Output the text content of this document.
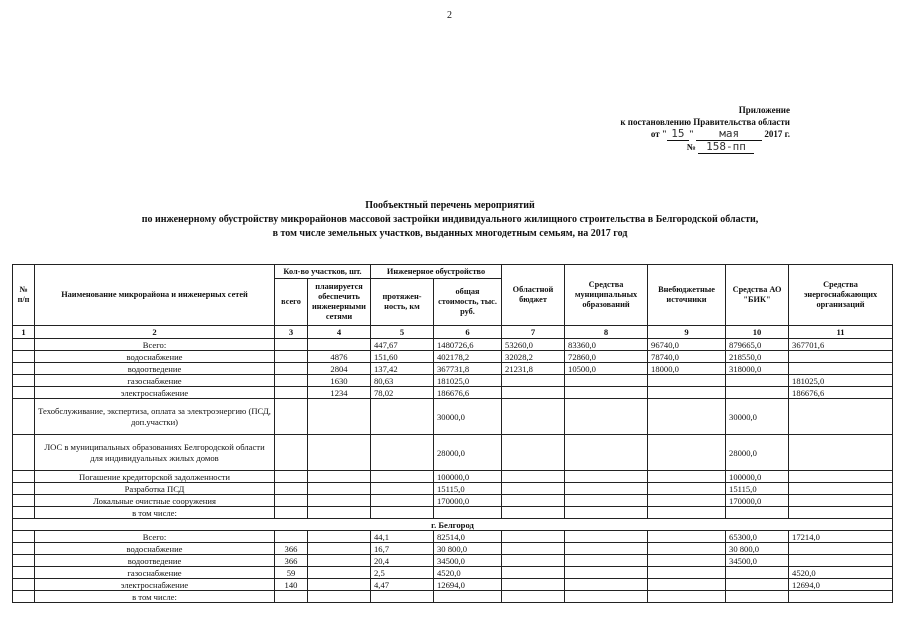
2
Приложение
к постановлению Правительства области
от " 15 " мая	2017 г.
№ 158-пп
Пообъектный перечень мероприятий
по инженерному обустройству микрорайонов массовой застройки индивидуального жилищного строительства в Белгородской области,
в том числе земельных участков, выданных многодетным семьям, на 2017 год
№ п/п	Наименование микрорайона и инженерных сетей	Кол-во участков, шт.		Инженерное обустройство		Областной бюджет	Средства муниципальных образований	Внебюджетные источники	Средства АО "БИК"	Средства энергоснабжающих организаций
		всего	планируется обеспечить инженерными сетями	протяжен-ность, км	общая стоимость, тыс. руб.					
1	2	3	4	5	6	7	8	9	10	11
	Всего:			447,67	1480726,6	53260,0	83360,0	96740,0	879665,0	367701,6
	водоснабжение		4876	151,60	402178,2	32028,2	72860,0	78740,0	218550,0	
	водоотведение		2804	137,42	367731,8	21231,8	10500,0	18000,0	318000,0	
	газоснабжение		1630	80,63	181025,0					181025,0
	электроснабжение		1234	78,02	186676,6					186676,6
	Техобслуживание, экспертиза, оплата за электроэнергию (ПСД, доп.участки)				30000,0				30000,0	
	ЛОС в муниципальных образованиях Белгородской области для индивидуальных жилых домов				28000,0				28000,0	
	Погашение кредиторской задолженности				100000,0				100000,0	
	Разработка ПСД				15115,0				15115,0	
	Локальные очистные сооружения				170000,0				170000,0	
	в том числе:									
г. Белгород										
	Всего:			44,1	82514,0				65300,0	17214,0
	водоснабжение	366		16,7	30 800,0				30 800,0	
	водоотведение	366		20,4	34500,0				34500,0	
	газоснабжение	59		2,5	4520,0					4520,0
	электроснабжение	140		4,47	12694,0					12694,0
	в том числе:									
